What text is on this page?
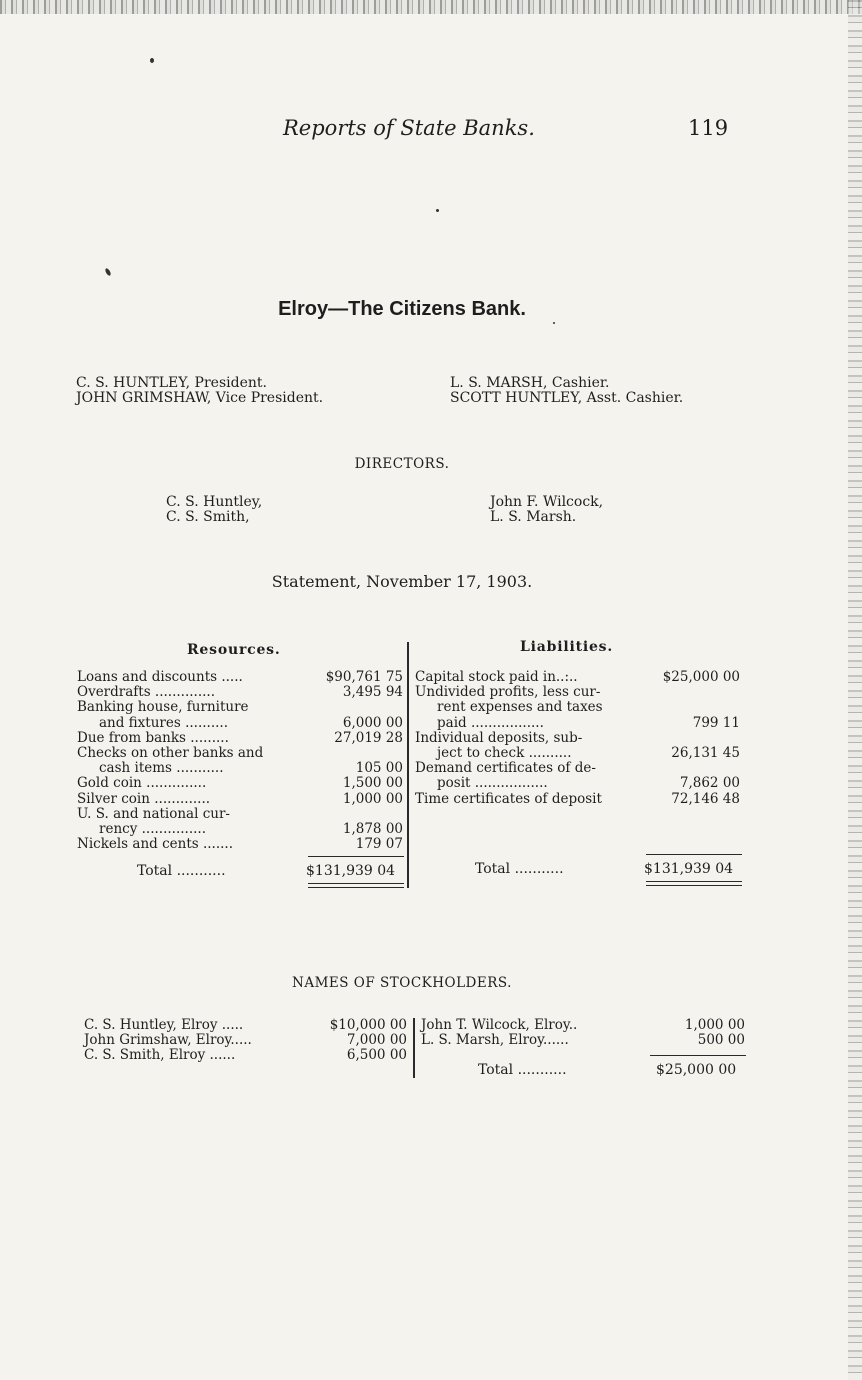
Reports of State Banks.	119
Elroy—The Citizens Bank.
C. S. HUNTLEY, President.
JOHN GRIMSHAW, Vice President.
L. S. MARSH, Cashier.
SCOTT HUNTLEY, Asst. Cashier.
DIRECTORS.
C. S. Huntley,
C. S. Smith,
John F. Wilcock,
L. S. Marsh.
Statement, November 17, 1903.
Resources.	Liabilities.
Loans and discounts .....	$90,761 75
Overdrafts ..............	3,495 94
Banking house, furniture
and fixtures ..........	6,000 00
Due from banks .........	27,019 28
Checks on other banks and
cash items ...........	105 00
Gold coin ..............	1,500 00
Silver coin .............	1,000 00
U. S. and national cur-
rency ...............	1,878 00
Nickels and cents .......	179 07
Total ...........	$131,939 04
Capital stock paid in..:..	$25,000 00
Undivided profits, less cur-
rent expenses and taxes
paid .................	799 11
Individual deposits, sub-
ject to check ..........	26,131 45
Demand certificates of de-
posit .................	7,862 00
Time certificates of deposit	72,146 48
Total ...........	$131,939 04
NAMES OF STOCKHOLDERS.
C. S. Huntley, Elroy .....	$10,000 00
John Grimshaw, Elroy.....	7,000 00
C. S. Smith, Elroy ......	6,500 00
John T. Wilcock, Elroy..	1,000 00
L. S. Marsh, Elroy......	500 00
Total ...........	$25,000 00
